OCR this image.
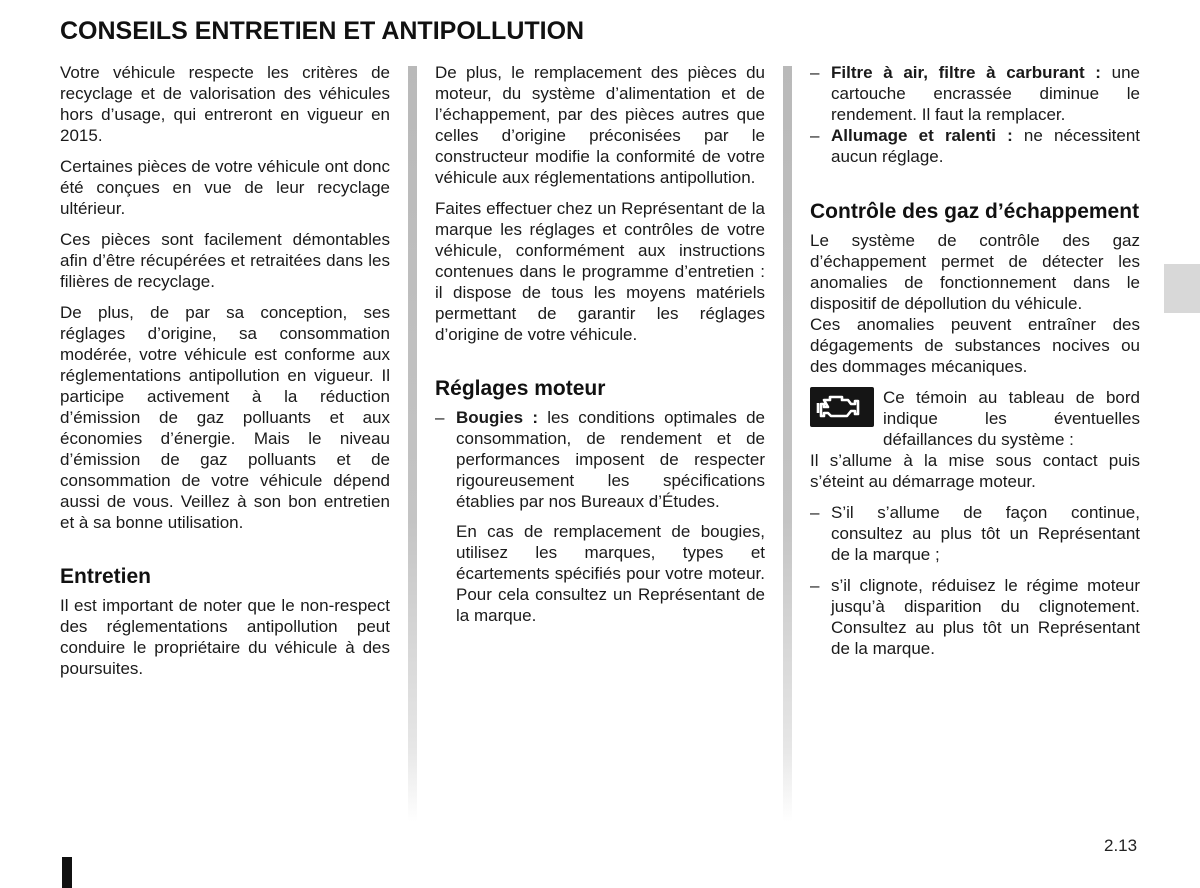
CONSEILS ENTRETIEN ET ANTIPOLLUTION

Votre véhicule respecte les critères de recyclage et de valorisation des véhicules hors d’usage, qui entreront en vigueur en 2015.

Certaines pièces de votre véhicule ont donc été conçues en vue de leur recyclage ultérieur.

Ces pièces sont facilement démontables afin d’être récupérées et retraitées dans les filières de recyclage.

De plus, de par sa conception, ses réglages d’origine, sa consommation modérée, votre véhicule est conforme aux réglementations antipollution en vigueur. Il participe activement à la réduction d’émission de gaz polluants et aux économies d’énergie. Mais le niveau d’émission de gaz polluants et de consommation de votre véhicule dépend aussi de vous. Veillez à son bon entretien et à sa bonne utilisation.

Entretien

Il est important de noter que le non-respect des réglementations antipollution peut conduire le propriétaire du véhicule à des poursuites.

De plus, le remplacement des pièces du moteur, du système d’alimentation et de l’échappement, par des pièces autres que celles d’origine préconisées par le constructeur modifie la conformité de votre véhicule aux réglementations antipollution.

Faites effectuer chez un Représentant de la marque les réglages et contrôles de votre véhicule, conformément aux instructions contenues dans le programme d’entretien : il dispose de tous les moyens matériels permettant de garantir les réglages d’origine de votre véhicule.

Réglages moteur
– Bougies : les conditions optimales de consommation, de rendement et de performances imposent de respecter rigoureusement les spécifications établies par nos Bureaux d’Études.
En cas de remplacement de bougies, utilisez les marques, types et écartements spécifiés pour votre moteur. Pour cela consultez un Représentant de la marque.
– Filtre à air, filtre à carburant : une cartouche encrassée diminue le rendement. Il faut la remplacer.
– Allumage et ralenti : ne nécessitent aucun réglage.
Contrôle des gaz d’échappement

Le système de contrôle des gaz d’échappement permet de détecter les anomalies de fonctionnement dans le dispositif de dépollution du véhicule.

Ces anomalies peuvent entraîner des dégagements de substances nocives ou des dommages mécaniques.

Ce témoin au tableau de bord indique les éventuelles défaillances du système :

Il s’allume à la mise sous contact puis s’éteint au démarrage moteur.

– S’il s’allume de façon continue, consultez au plus tôt un Représentant de la marque ;
– s’il clignote, réduisez le régime moteur jusqu’à disparition du clignotement. Consultez au plus tôt un Représentant de la marque.
2.13
